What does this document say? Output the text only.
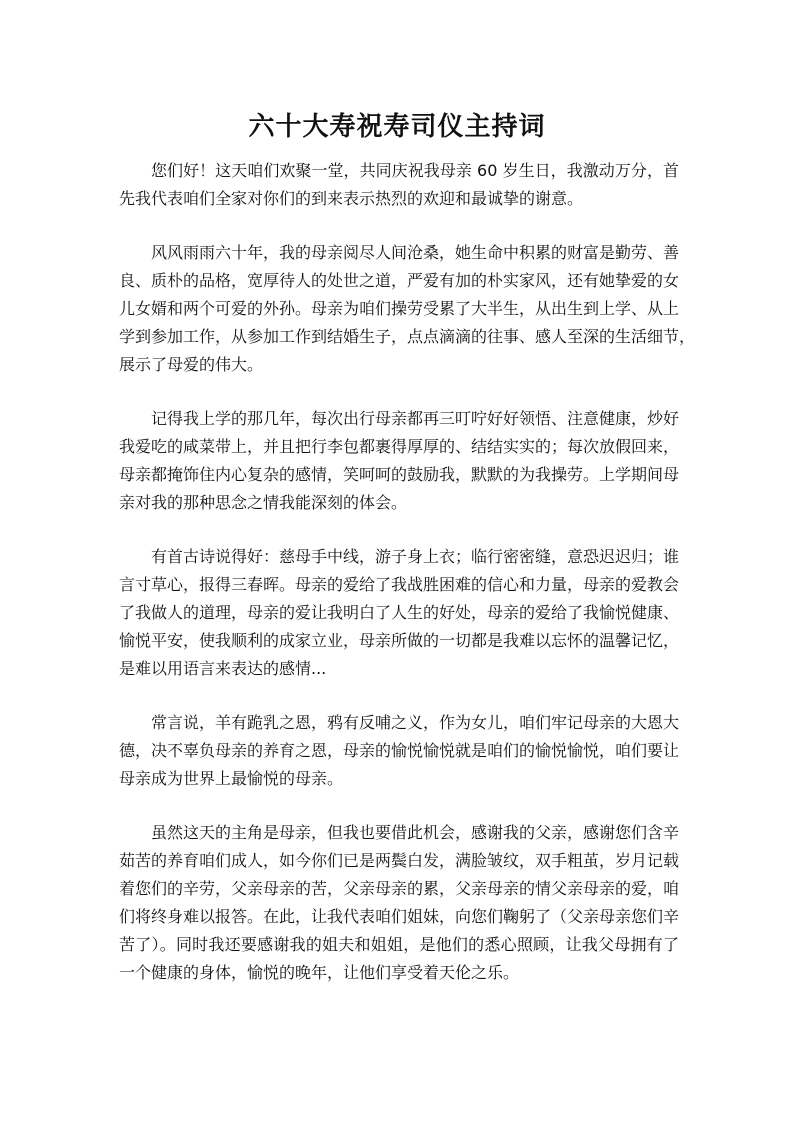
六十大寿祝寿司仪主持词
您们好！这天咱们欢聚一堂，共同庆祝我母亲 60 岁生日，我激动万分，首
先我代表咱们全家对你们的到来表示热烈的欢迎和最诚挚的谢意。
风风雨雨六十年，我的母亲阅尽人间沧桑，她生命中积累的财富是勤劳、善
良、质朴的品格，宽厚待人的处世之道，严爱有加的朴实家风，还有她挚爱的女
儿女婿和两个可爱的外孙。母亲为咱们操劳受累了大半生，从出生到上学、从上
学到参加工作，从参加工作到结婚生子，点点滴滴的往事、感人至深的生活细节，
展示了母爱的伟大。
记得我上学的那几年，每次出行母亲都再三叮咛好好领悟、注意健康，炒好
我爱吃的咸菜带上，并且把行李包都裹得厚厚的、结结实实的；每次放假回来，
母亲都掩饰住内心复杂的感情，笑呵呵的鼓励我，默默的为我操劳。上学期间母
亲对我的那种思念之情我能深刻的体会。
有首古诗说得好：慈母手中线，游子身上衣；临行密密缝，意恐迟迟归；谁
言寸草心，报得三春晖。母亲的爱给了我战胜困难的信心和力量，母亲的爱教会
了我做人的道理，母亲的爱让我明白了人生的好处，母亲的爱给了我愉悦健康、
愉悦平安，使我顺利的成家立业，母亲所做的一切都是我难以忘怀的温馨记忆，
是难以用语言来表达的感情...
常言说，羊有跪乳之恩，鸦有反哺之义，作为女儿，咱们牢记母亲的大恩大
德，决不辜负母亲的养育之恩，母亲的愉悦愉悦就是咱们的愉悦愉悦，咱们要让
母亲成为世界上最愉悦的母亲。
虽然这天的主角是母亲，但我也要借此机会，感谢我的父亲，感谢您们含辛
茹苦的养育咱们成人，如今你们已是两鬓白发，满脸皱纹，双手粗茧，岁月记载
着您们的辛劳，父亲母亲的苦，父亲母亲的累，父亲母亲的情父亲母亲的爱，咱
们将终身难以报答。在此，让我代表咱们姐妹，向您们鞠躬了（父亲母亲您们辛
苦了）。同时我还要感谢我的姐夫和姐姐，是他们的悉心照顾，让我父母拥有了
一个健康的身体，愉悦的晚年，让他们享受着天伦之乐。
